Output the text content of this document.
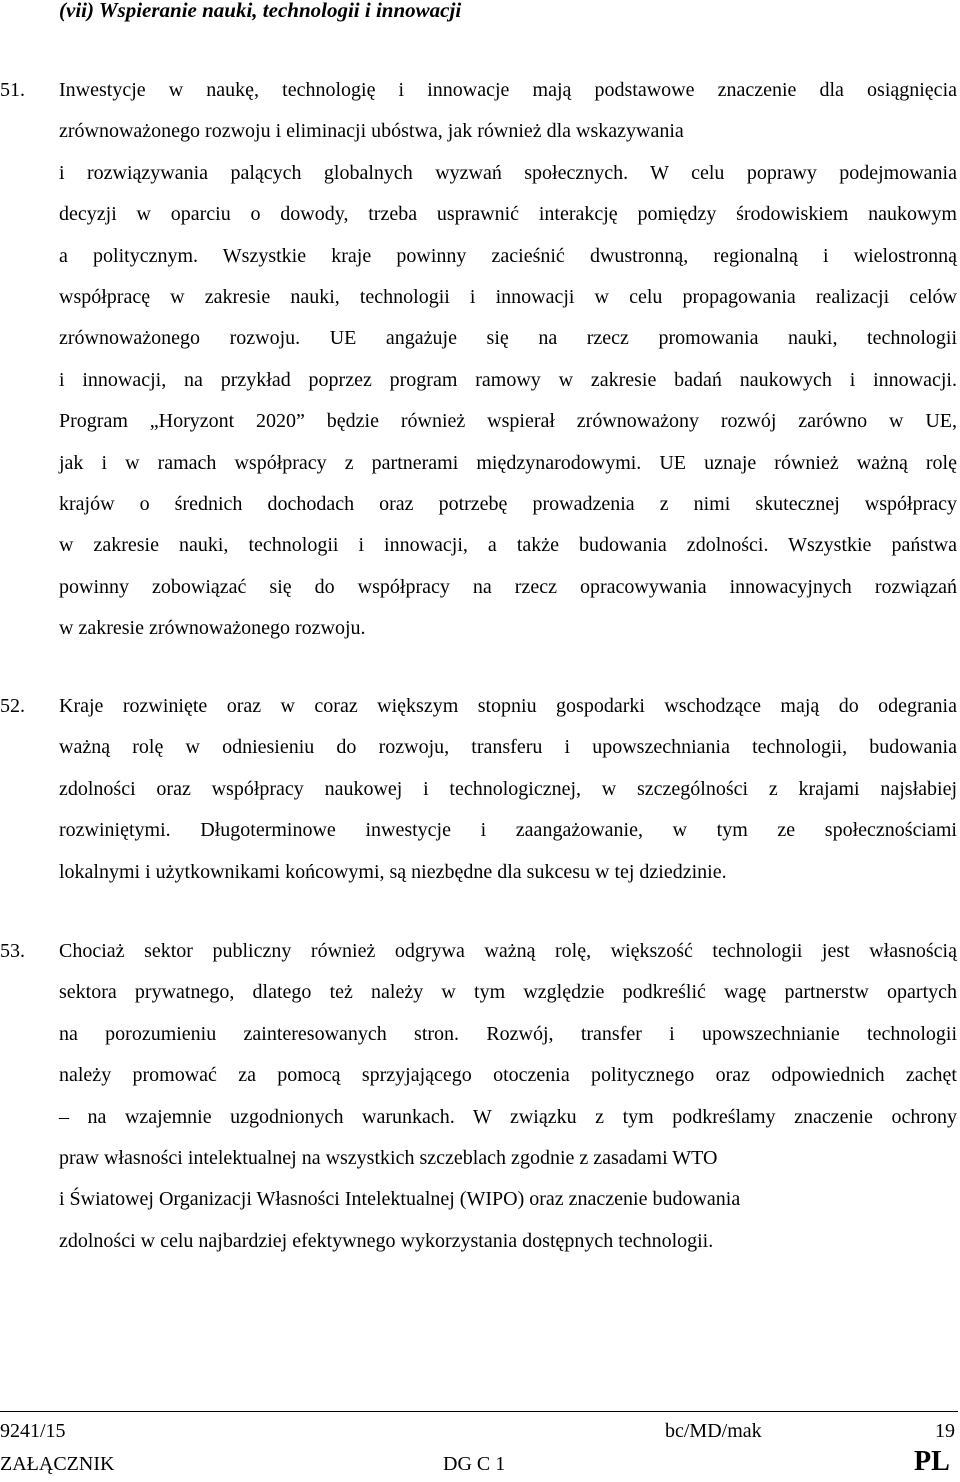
(vii) Wspieranie nauki, technologii i innowacji
51. Inwestycje w naukę, technologię i innowacje mają podstawowe znaczenie dla osiągnięcia
zrównoważonego rozwoju i eliminacji ubóstwa, jak również dla wskazywania
i rozwiązywania palących globalnych wyzwań społecznych. W celu poprawy podejmowania
decyzji w oparciu o dowody, trzeba usprawnić interakcję pomiędzy środowiskiem naukowym
a politycznym. Wszystkie kraje powinny zacieśnić dwustronną, regionalną i wielostronną
współpracę w zakresie nauki, technologii i innowacji w celu propagowania realizacji celów
zrównoważonego rozwoju. UE angażuje się na rzecz promowania nauki, technologii
i innowacji, na przykład poprzez program ramowy w zakresie badań naukowych i innowacji.
Program „Horyzont 2020” będzie również wspierał zrównoważony rozwój zarówno w UE,
jak i w ramach współpracy z partnerami międzynarodowymi. UE uznaje również ważną rolę
krajów o średnich dochodach oraz potrzebę prowadzenia z nimi skutecznej współpracy
w zakresie nauki, technologii i innowacji, a także budowania zdolności. Wszystkie państwa
powinny zobowiązać się do współpracy na rzecz opracowywania innowacyjnych rozwiązań
w zakresie zrównoważonego rozwoju.

52. Kraje rozwinięte oraz w coraz większym stopniu gospodarki wschodzące mają do odegrania
ważną rolę w odniesieniu do rozwoju, transferu i upowszechniania technologii, budowania
zdolności oraz współpracy naukowej i technologicznej, w szczególności z krajami najsłabiej
rozwiniętymi. Długoterminowe inwestycje i zaangażowanie, w tym ze społecznościami
lokalnymi i użytkownikami końcowymi, są niezbędne dla sukcesu w tej dziedzinie.

53. Chociaż sektor publiczny również odgrywa ważną rolę, większość technologii jest własnością
sektora prywatnego, dlatego też należy w tym względzie podkreślić wagę partnerstw opartych
na porozumieniu zainteresowanych stron. Rozwój, transfer i upowszechnianie technologii
należy promować za pomocą sprzyjającego otoczenia politycznego oraz odpowiednich zachęt
– na wzajemnie uzgodnionych warunkach. W związku z tym podkreślamy znaczenie ochrony
praw własności intelektualnej na wszystkich szczeblach zgodnie z zasadami WTO
i Światowej Organizacji Własności Intelektualnej (WIPO) oraz znaczenie budowania
zdolności w celu najbardziej efektywnego wykorzystania dostępnych technologii.

9241/15	bc/MD/mak	19
ZAŁĄCZNIK	DG C 1	PL
